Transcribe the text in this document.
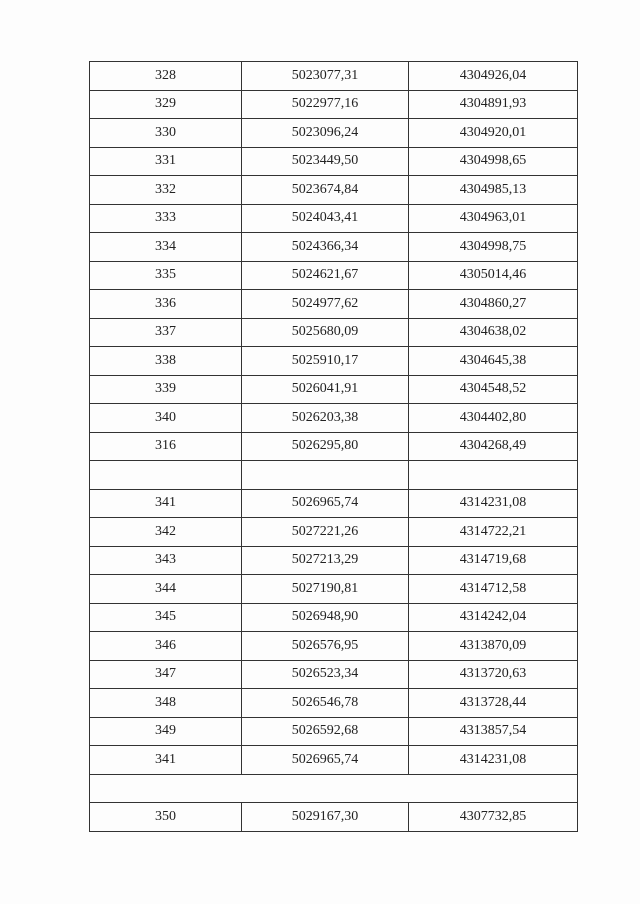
328	5023077,31	4304926,04
329	5022977,16	4304891,93
330	5023096,24	4304920,01
331	5023449,50	4304998,65
332	5023674,84	4304985,13
333	5024043,41	4304963,01
334	5024366,34	4304998,75
335	5024621,67	4305014,46
336	5024977,62	4304860,27
337	5025680,09	4304638,02
338	5025910,17	4304645,38
339	5026041,91	4304548,52
340	5026203,38	4304402,80
316	5026295,80	4304268,49

341	5026965,74	4314231,08
342	5027221,26	4314722,21
343	5027213,29	4314719,68
344	5027190,81	4314712,58
345	5026948,90	4314242,04
346	5026576,95	4313870,09
347	5026523,34	4313720,63
348	5026546,78	4313728,44
349	5026592,68	4313857,54
341	5026965,74	4314231,08

350	5029167,30	4307732,85
